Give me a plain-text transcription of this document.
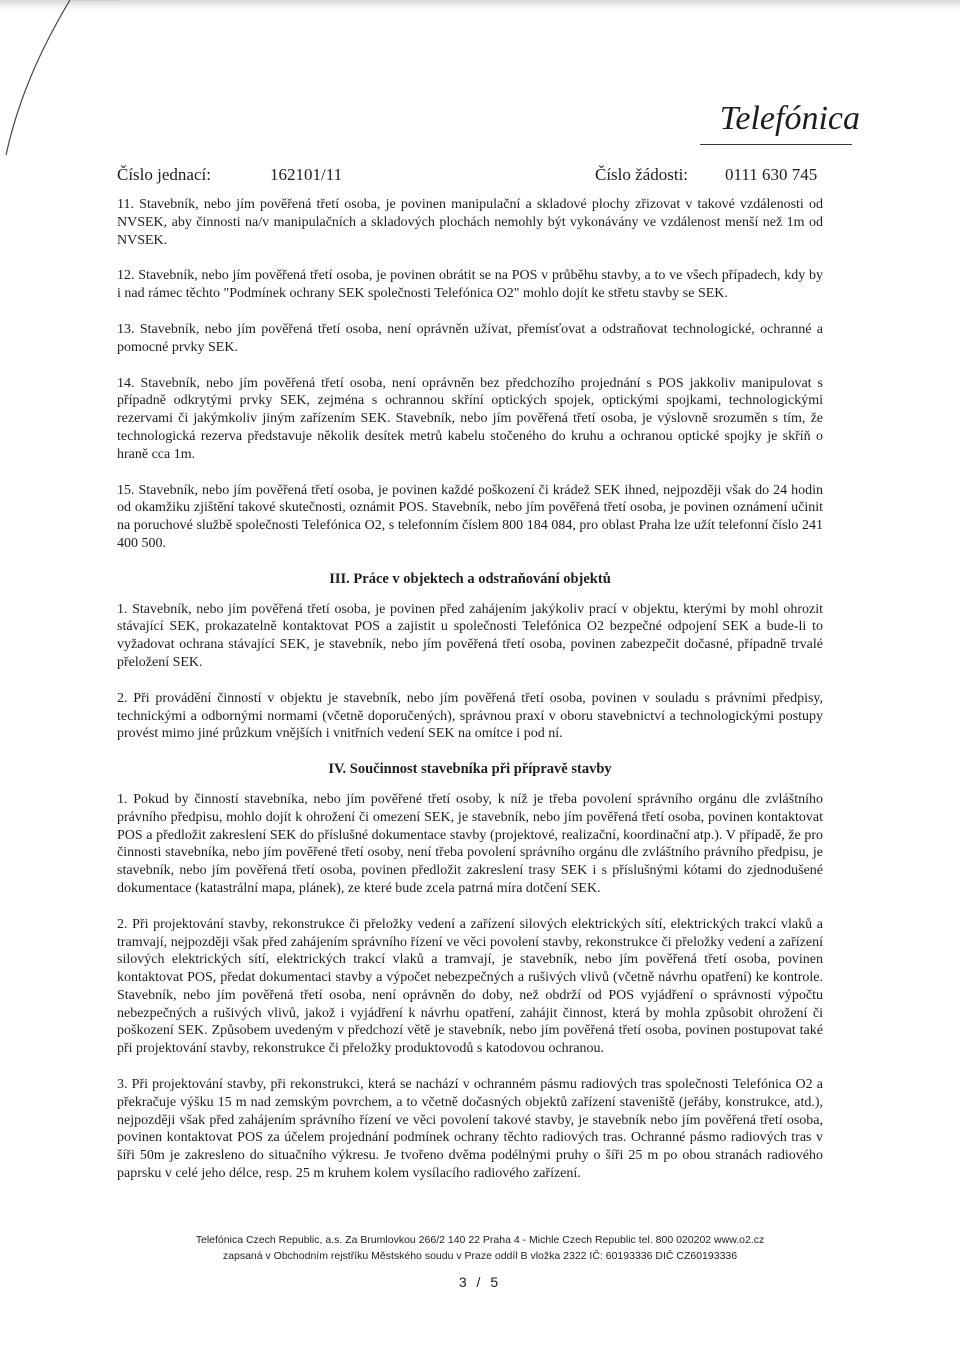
Telefónica
Číslo jednací:	162101/11	Číslo žádosti: 0111 630 745

11. Stavebník, nebo jím pověřená třetí osoba, je povinen manipulační a skladové plochy zřizovat v takové vzdálenosti od NVSEK, aby činnosti na/v manipulačních a skladových plochách nemohly být vykonávány ve vzdálenost menší než 1m od NVSEK.

12. Stavebník, nebo jím pověřená třetí osoba, je povinen obrátit se na POS v průběhu stavby, a to ve všech případech, kdy by i nad rámec těchto "Podmínek ochrany SEK společnosti Telefónica O2" mohlo dojít ke střetu stavby se SEK.

13. Stavebník, nebo jím pověřená třetí osoba, není oprávněn užívat, přemísťovat a odstraňovat technologické, ochranné a pomocné prvky SEK.

14. Stavebník, nebo jím pověřená třetí osoba, není oprávněn bez předchozího projednání s POS jakkoliv manipulovat s případně odkrytými prvky SEK, zejména s ochrannou skříní optických spojek, optickými spojkami, technologickými rezervami či jakýmkoliv jiným zařízením SEK. Stavebník, nebo jím pověřená třetí osoba, je výslovně srozuměn s tím, že technologická rezerva představuje několik desítek metrů kabelu stočeného do kruhu a ochranou optické spojky je skříň o hraně cca 1m.

15. Stavebník, nebo jím pověřená třetí osoba, je povinen každé poškození či krádež SEK ihned, nejpozději však do 24 hodin od okamžiku zjištění takové skutečnosti, oznámit POS. Stavebník, nebo jím pověřená třetí osoba, je povinen oznámení učinit na poruchové službě společnosti Telefónica O2, s telefonním číslem 800 184 084, pro oblast Praha lze užít telefonní číslo 241 400 500.

III. Práce v objektech a odstraňování objektů

1. Stavebník, nebo jím pověřená třetí osoba, je povinen před zahájením jakýkoliv prací v objektu, kterými by mohl ohrozit stávající SEK, prokazatelně kontaktovat POS a zajistit u společnosti Telefónica O2 bezpečné odpojení SEK a bude-li to vyžadovat ochrana stávající SEK, je stavebník, nebo jím pověřená třetí osoba, povinen zabezpečit dočasné, případně trvalé přeložení SEK.

2. Při provádění činností v objektu je stavebník, nebo jím pověřená třetí osoba, povinen v souladu s právními předpisy, technickými a odbornými normami (včetně doporučených), správnou praxí v oboru stavebnictví a technologickými postupy provést mimo jiné průzkum vnějších i vnitřních vedení SEK na omítce i pod ní.

IV. Součinnost stavebníka při přípravě stavby

1. Pokud by činností stavebníka, nebo jím pověřené třetí osoby, k níž je třeba povolení správního orgánu dle zvláštního právního předpisu, mohlo dojít k ohrožení či omezení SEK, je stavebník, nebo jím pověřená třetí osoba, povinen kontaktovat POS a předložit zakreslení SEK do příslušné dokumentace stavby (projektové, realizační, koordinační atp.). V případě, že pro činnosti stavebníka, nebo jím pověřené třetí osoby, není třeba povolení správního orgánu dle zvláštního právního předpisu, je stavebník, nebo jím pověřená třetí osoba, povinen předložit zakreslení trasy SEK i s příslušnými kótami do zjednodušené dokumentace (katastrální mapa, plánek), ze které bude zcela patrná míra dotčení SEK.

2. Při projektování stavby, rekonstrukce či přeložky vedení a zařízení silových elektrických sítí, elektrických trakcí vlaků a tramvají, nejpozději však před zahájením správního řízení ve věci povolení stavby, rekonstrukce či přeložky vedení a zařízení silových elektrických sítí, elektrických trakcí vlaků a tramvají, je stavebník, nebo jím pověřená třetí osoba, povinen kontaktovat POS, předat dokumentaci stavby a výpočet nebezpečných a rušivých vlivů (včetně návrhu opatření) ke kontrole. Stavebník, nebo jím pověřená třetí osoba, není oprávněn do doby, než obdrží od POS vyjádření o správnosti výpočtu nebezpečných a rušivých vlivů, jakož i vyjádření k návrhu opatření, zahájit činnost, která by mohla způsobit ohrožení či poškození SEK. Způsobem uvedeným v předchozí větě je stavebník, nebo jím pověřená třetí osoba, povinen postupovat také při projektování stavby, rekonstrukce či přeložky produktovodů s katodovou ochranou.

3. Při projektování stavby, při rekonstrukci, která se nachází v ochranném pásmu radiových tras společnosti Telefónica O2 a překračuje výšku 15 m nad zemským povrchem, a to včetně dočasných objektů zařízení staveniště (jeřáby, konstrukce, atd.), nejpozději však před zahájením správního řízení ve věci povolení takové stavby, je stavebník nebo jím pověřená třetí osoba, povinen kontaktovat POS za účelem projednání podmínek ochrany těchto radiových tras. Ochranné pásmo radiových tras v šíři 50m je zakresleno do situačního výkresu. Je tvořeno dvěma podélnými pruhy o šíři 25 m po obou stranách radiového paprsku v celé jeho délce, resp. 25 m kruhem kolem vysílacího radiového zařízení.

Telefónica Czech Republic, a.s. Za Brumlovkou 266/2 140 22 Praha 4 - Michle Czech Republic tel. 800 020202 www.o2.cz
zapsaná v Obchodním rejstříku Městského soudu v Praze oddíl B vložka 2322 IČ: 60193336 DIČ CZ60193336
3 / 5
